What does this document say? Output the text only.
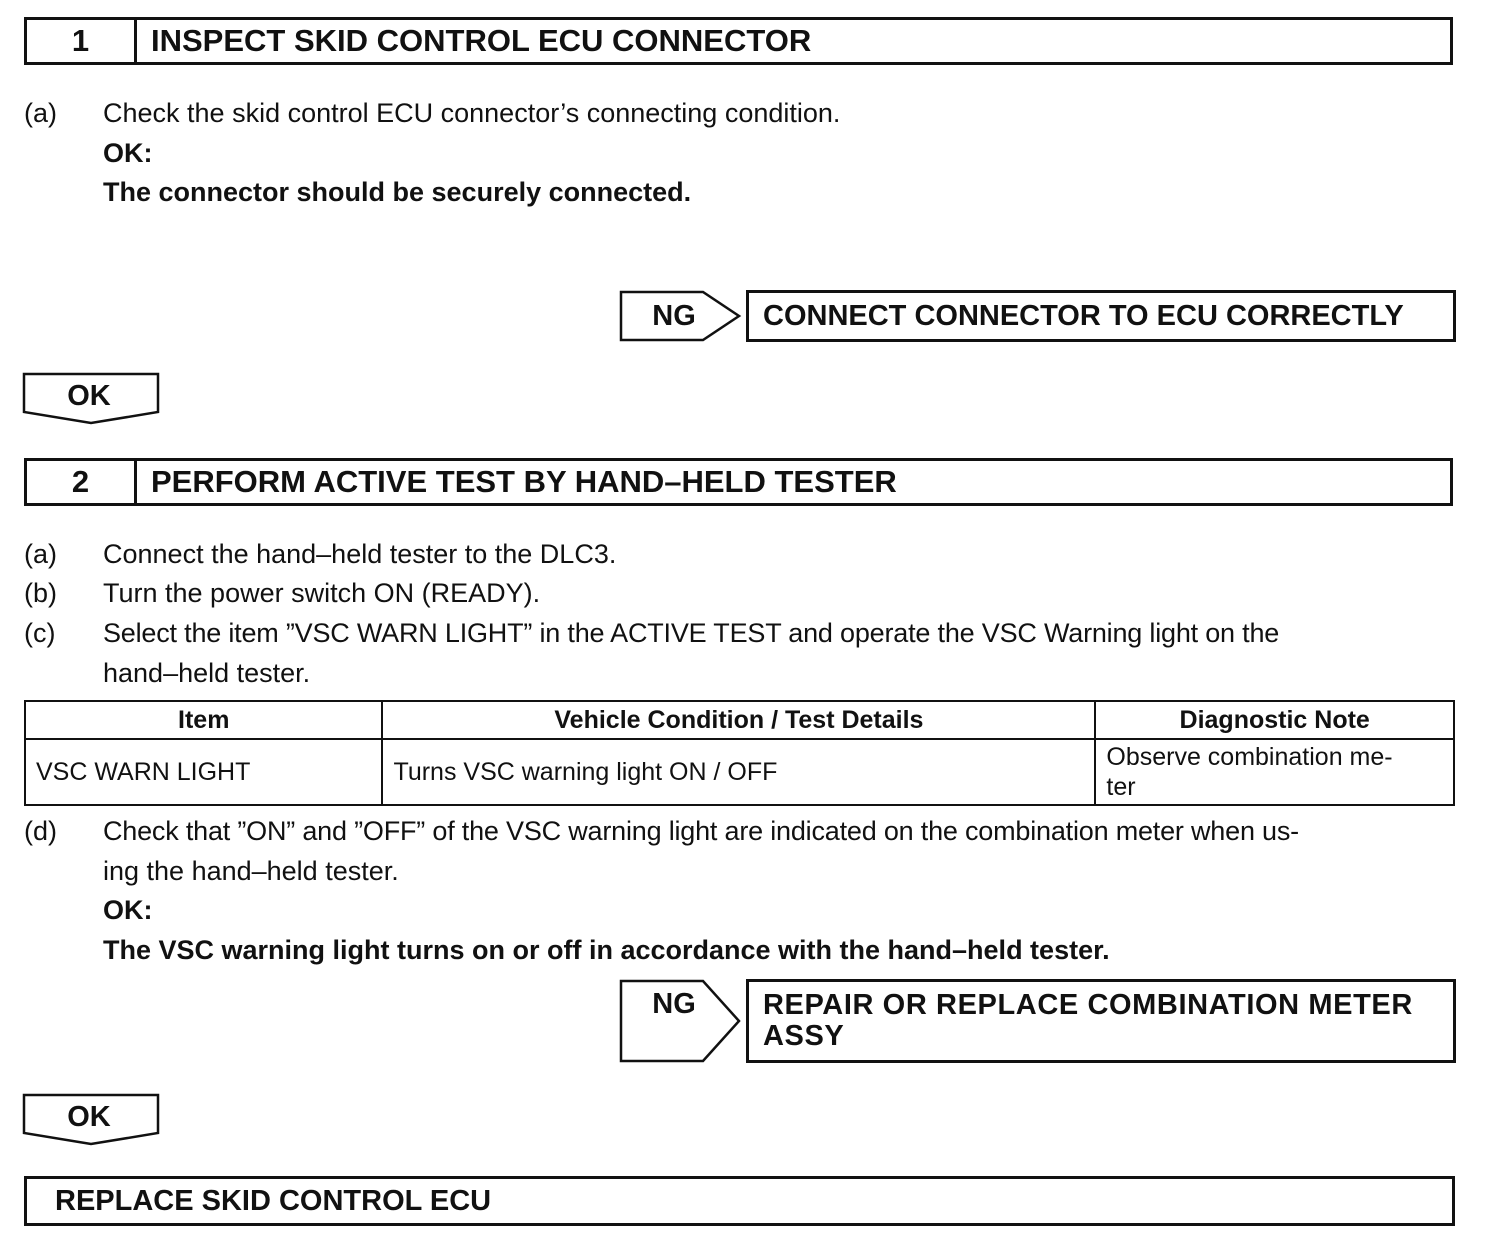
1	INSPECT SKID CONTROL ECU CONNECTOR
(a) Check the skid control ECU connector’s connecting condition.
OK:
The connector should be securely connected.
NG	CONNECT CONNECTOR TO ECU CORRECTLY
OK
2	PERFORM ACTIVE TEST BY HAND–HELD TESTER
(a) Connect the hand–held tester to the DLC3.
(b) Turn the power switch ON (READY).
(c) Select the item ”VSC WARN LIGHT” in the ACTIVE TEST and operate the VSC Warning light on the
hand–held tester.
Item	Vehicle Condition / Test Details	Diagnostic Note
VSC WARN LIGHT	Turns VSC warning light ON / OFF	Observe combination me-
ter
(d) Check that ”ON” and ”OFF” of the VSC warning light are indicated on the combination meter when us-
ing the hand–held tester.
OK:
The VSC warning light turns on or off in accordance with the hand–held tester.
NG	REPAIR OR REPLACE COMBINATION METER
ASSY
OK
REPLACE SKID CONTROL ECU
